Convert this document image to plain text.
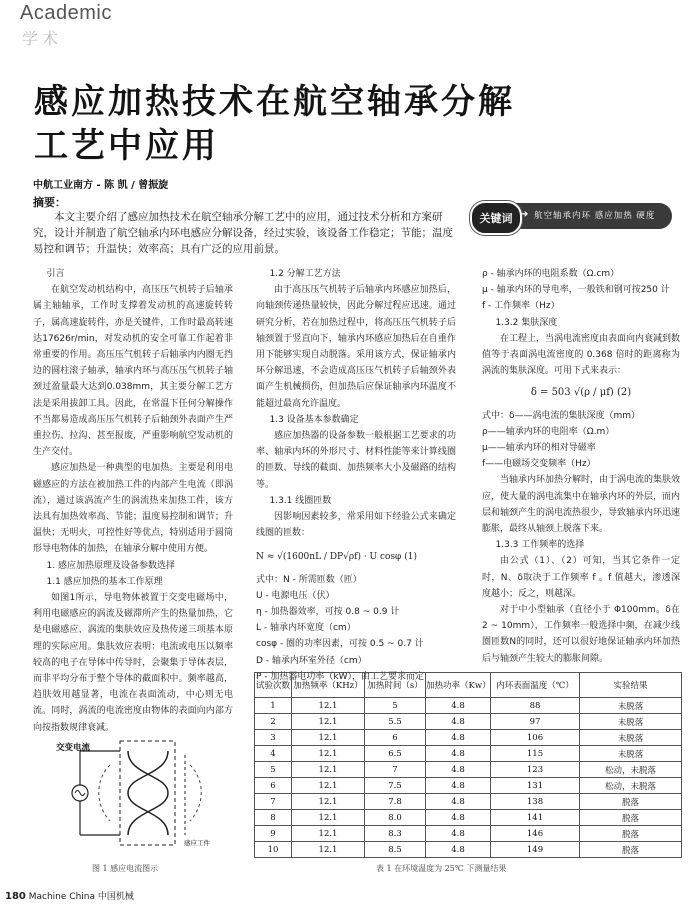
Academic
学术
感应加热技术在航空轴承分解
工艺中应用
中航工业南方 - 陈 凯 / 曾振旋
摘要：
本文主要介绍了感应加热技术在航空轴承分解工艺中的应用，通过技术分析和方案研究，设计并制造了航空轴承内环电感应分解设备，经过实验，该设备工作稳定；节能；温度易控和调节；升温快；效率高；具有广泛的应用前景。
关键词 ➔ 航空轴承内环 感应加热 硬度

引言

在航空发动机结构中，高压压气机转子后轴承属主轴轴承，工作时支撑着发动机的高速旋转转子，属高速旋转件，亦是关键件，工作时最高转速达17626r/min，对发动机的安全可靠工作起着非常重要的作用。高压压气机转子后轴承内内圈无挡边的圆柱滚子轴承，轴承内环与高压压气机转子轴颈过盈量最大达到0.038mm，其主要分解工艺方法是采用拔卸工具。因此，在常温下任何分解操作不当都易造成高压压气机转子后轴颈外表面产生严重拉伤、拉沟、甚至报废，严重影响航空发动机的生产交付。

感应加热是一种典型的电加热。主要是利用电磁感应的方法在被加热工件的内部产生电流（即涡流），通过该涡流产生的涡流热来加热工件，该方法具有加热效率高、节能；温度易控制和调节；升温快；无明火，可控性好等优点，特别适用于圆筒形导电物体的加热，在轴承分解中使用方便。

1. 感应加热原理及设备参数选择

1.1 感应加热的基本工作原理

如图1所示，导电物体被置于交变电磁场中，利用电磁感应的涡流及磁滞所产生的热量加热，它是电磁感应、涡流的集肤效应及热传递三项基本原理的实际应用。集肤效应表明：电流或电压以频率较高的电子在导体中传导时，会聚集于导体表层，而非平均分布于整个导体的截面积中。频率越高，趋肤效用越显著，电流在表面流动，中心则无电流。同时，涡流的电流密度由物体的表面向内部方向按指数规律衰减。

交变电流
感应工件
图 1 感应电流图示

1.2 分解工艺方法

由于高压压气机转子后轴承内环感应加热后，向轴颈传递热量较快，因此分解过程应迅速。通过研究分析，若在加热过程中，将高压压气机转子后轴颈置于竖直向下，轴承内环感应加热后在自重作用下能够实现自动脱落。采用该方式，保证轴承内环分解迅速，不会造成高压压气机转子后轴颈外表面产生机械损伤，但加热后应保证轴承内环温度不能超过最高允许温度。

1.3 设备基本参数确定

感应加热器的设备参数一般根据工艺要求的功率、轴承内环的外形尺寸、材料性能等来计算线圈的匝数、导线的截面、加热频率大小及磁路的结构等。

1.3.1 线圈匝数

因影响因素较多，常采用如下经验公式来确定线圈的匝数：

N ≈ √(1600nL / DP√ρf) · U cosφ (1)

式中：N - 所需匝数（匝）

U - 电源电压（伏）

η - 加热器效率，可按 0.8 ~ 0.9 计

L - 轴承内环宽度（cm）

cosφ - 圈的功率因素，可按 0.5 ~ 0.7 计

D - 轴承内环室外径（cm）

P - 加热器电功率（kW），由工艺要求而定

ρ - 轴承内环的电阻系数（Ω.cm）

μ - 轴承内环的导电率，一般铁和钢可按250 计

f - 工作频率（Hz）

1.3.2 集肤深度

在工程上，当涡电流密度由表面向内衰减到数值等于表面涡电流密度的 0.368 倍时的距离称为涡流的集肤深度。可用下式来表示：

δ = 503 √(ρ / μf) (2)

式中：δ——涡电流的集肤深度（mm）

ρ——轴承内环的电阻率（Ω.m）

μ——轴承内环的相对导磁率

f——电磁场交变频率（Hz）

当轴承内环加热分解时，由于涡电流的集肤效应，使大量的涡电流集中在轴承内环的外层，而内层和轴颈产生的涡电流热很少，导致轴承内环迅速膨胀，最终从轴颈上脱落下来。

1.3.3 工作频率的选择

由公式（1）、（2）可知，当其它条件一定时，N、δ取决于工作频率 f 。f 值越大，渗透深度越小；反之，则越深。

对于中小型轴承（直径小于 Φ100mm。δ在 2 ~ 10mm），工作频率一般选择中频，在减少线圈匝数N的同时，还可以很好地保证轴承内环加热后与轴颈产生较大的膨胀间隙。

试验次数	加热频率（KHz）	加热时间（s）	加热功率（Kw）	内环表面温度（℃）	实验结果
1	12.1	5	4.8	88	未脱落
2	12.1	5.5	4.8	97	未脱落
3	12.1	6	4.8	106	未脱落
4	12.1	6.5	4.8	115	未脱落
5	12.1	7	4.8	123	松动，未脱落
6	12.1	7.5	4.8	131	松动，未脱落
7	12.1	7.8	4.8	138	脱落
8	12.1	8.0	4.8	141	脱落
9	12.1	8.3	4.8	146	脱落
10	12.1	8.5	4.8	149	脱落
表 1 在环境温度为 25℃ 下测量结果
180 Machine China 中国机械
